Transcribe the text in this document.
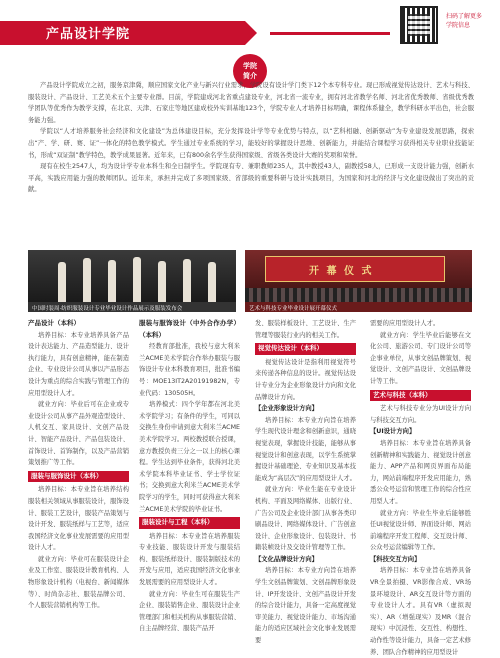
产品设计学院
扫码了解更多学院信息
学院
简介

产品设计学院成立之初，服务京津冀，顺应国家文化产业与新兴行业需求，学院设有设计学门类下12个本专科专业。现已形成视觉传达设计、艺术与科技、服装设计、产品设计、工艺美术五个主要专业群。目前，学院建成河北省重点建设专业，河北省一流专业，拥有河北省教学名师、河北省优秀教师、省级优秀教学团队等优秀作为教学支撑，在北京、天津、石家庄等地区建成校外实训基地123个，学院专业人才培养目标明确，课程体系健全，教学科研水平出色，社会服务能力强。

学院以“人才培养服务社会经济和文化建设”为总体建设目标，充分发挥设计学等专业优势与特点，以“艺科相融、创新驱动”为专业建设发展思路，探索出“产、学、研、赛、证”一体化的特色教学模式。学生通过专业系统的学习，能较好的掌握设计思维、创新能力，并能结合课程学习获得相关专业职业技能证书，形成“双证制”教学特色，教学成果显著。近年来，已有800余名学生获得国家级、省级各类设计大赛的奖项和荣誉。

现有在校生2547人，均为设计学专业本科生和全日制学生。学院现有专、兼职教师235人，其中教授43人，副教授58人，已形成一支设计能力强，创新水平高，实践应用能力强的教师团队。近年来，承担并完成了多项国家级、省部级的重要科研与设计实践项目，为国家和河北的经济与文化建设做出了突出的贡献。

中国时装周·纺织服装设计专业毕业设计作品展示及服装发布会
开 幕 仪 式
艺术与科技专业毕业设计展开幕仪式
产品设计（本科）

培养目标：本专业培养具备产品设计表达能力、产品造型能力、设计执行能力，具有创意精神，能在制造企业、专业设计公司从事以产品形态设计为重点的综合实践与管理工作的应用型设计人才。

就业方向：毕业后可在企业或专业设计公司从事产品外观造型设计、人机交互、家具设计、文创产品设计、智能产品设计、产品包装设计、首饰设计、首饰制作，以及产品营销策划推广等工作。

服装与服饰设计（本科）

培养目标：本专业旨在培养结构服装相关领域从事服装设计，服饰设计、服装工艺设计，服装产品策划与设计开发、服装纸样与工艺等，适应我国经济文化事业发展需要的应用型设计人才。

就业方向：毕业可在服装设计企业及工作室、服装设计教育机构、人物形象设计机构（电视台、新闻媒体等）、时尚杂志社、服装品牌公司、个人服装营销机构等工作。

服装与服饰设计（中外合作办学）（本科）

经教育部批准，我校与意大利米兰ACME美术学院合作举办服装与服饰设计专业本科教育项目，批准书编号：MOE13IT2A20191982N，专业代码：130505H。

培养模式：四个学年都在河北美术学院学习；有条件的学生，可同以交换生身份申请到意大利米兰ACME美术学院学习。两校教授联合授课，意方教授负责三分之一以上的核心课程。学生达到毕业条件，获得河北美术学院本科毕业证书、学士学位证书；交换到意大利米兰ACME美术学院学习的学生，同时可获得意大利米兰ACME美术学院的毕业证书。

服装设计与工程（本科）

培养目标：本专业旨在培养服装专业技能、服装设计开发与服装结构、服装纸样设计、服装制版技术的开发与应用，适应我国经济文化事业发展需要的应用型设计人才。

就业方向：毕业生可在服装生产企业、服装销售企业、服装设计企业管理部门和相关机构从事服装营销、自主品牌经营、服装产品开

发、服装样板设计、工艺设计、生产管理等服装行业内的相关工作。

视觉传达设计（本科）

视觉传达设计是指利用视觉符号来传递各种信息的设计。视觉传达设计专业分为企业形象设计方向和文化品牌设计方向。

【企业形象设计方向】

培养目标：本专业方向旨在培养学生现代设计理念和创新意识，通晓视觉表现，掌握设计技能，能够从事视觉设计和创意表现，以学生系统掌握设计基础理论、专业知识及基本技能成为“高层次”的应用型设计人才。

就业方向：毕业生能在专业设计机构、平面及网络媒体、出版行业、广告公司及企业设计部门从事各类印刷品设计、网络媒体设计、广告创意设计、企业形象设计、包装设计、书籍装帧设计及交设计管理等工作。

【文化品牌设计方向】

培养目标：本专业方向旨在培养学生文创品牌策划、文创品牌形象设计、IP开发设计、文创产品设计开发的综合设计能力，具备一定高度视觉审美能力、视觉设计能力、市场沟通能力的适应区域社会文化事业发展需要

需要的应用型设计人才。

就业方向：学生毕业后能够在文化公司、旅游公司、专门设计公司等企事业单位，从事文创品牌策划、视觉设计、文创产品设计、文创品牌设计等工作。

艺术与科技（本科）

艺术与科技专业分为UI设计方向与科技交互方向。

【UI设计方向】

培养目标：本专业旨在培养具备创新精神和实践能力、视觉设计创意能力、APP产品和网页界面布局能力，网站前端程序开发应用能力，熟悉公众号运营和管理工作的综合性应用型人才。

就业方向：毕业生毕业后能够胜任UI视觉设计师、界面设计师、网站前端程序开发工程师、交互设计师、公众号运营编辑等工作。

【科技交互方向】

培养目标：本专业旨在培养具备VR全景拍摄、VR影像合成、VR场景环境设计、AR交互设计等方面的专业设计人才。具有VR（虚拟现实）、AR（增强现实）及MR（混合现实）中沉浸性、交互性、构想性、动作性等设计能力，具备一定艺术修养、团队合作精神的应用型设计
